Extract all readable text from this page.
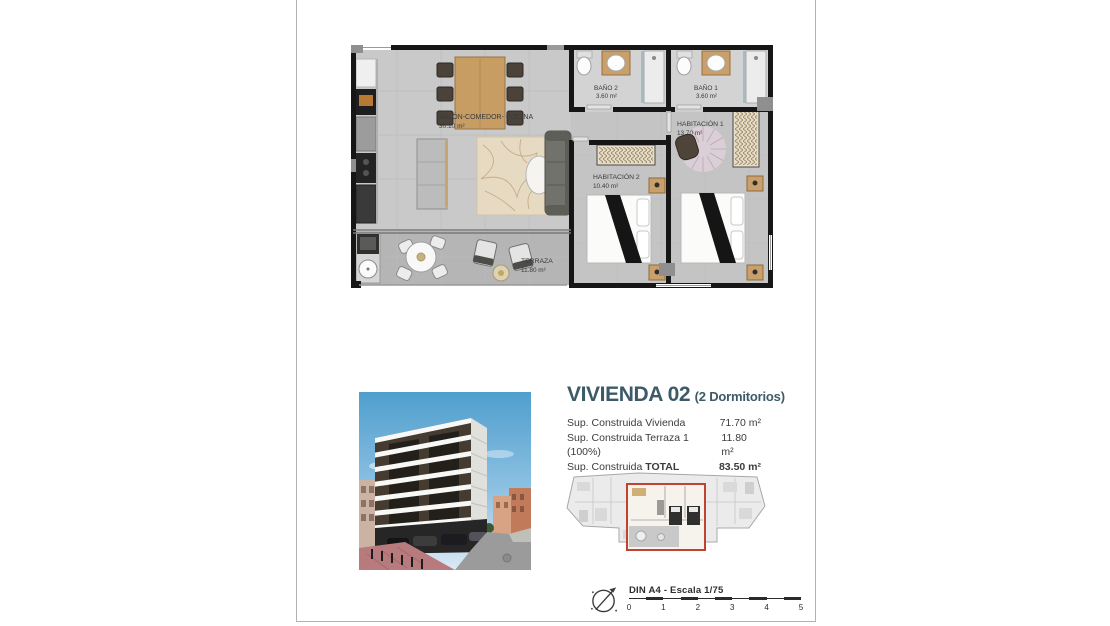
SALÓN-COMEDOR- COCINA
30.10 m²
BAÑO 2
3.60 m²
BAÑO 1
3.60 m²
HABITACIÓN 1
13.70 m²
HABITACIÓN 2
10.40 m²
TERRAZA
11.80 m²
VIVIENDA 02 (2 Dormitorios)
Sup. Construida Vivienda	71.70 m²
Sup. Construida Terraza 1 (100%)
11.80 m²
Sup. Construida TOTAL	83.50 m²
DIN A4 - Escala 1/75
0	1	2	3	4	5
